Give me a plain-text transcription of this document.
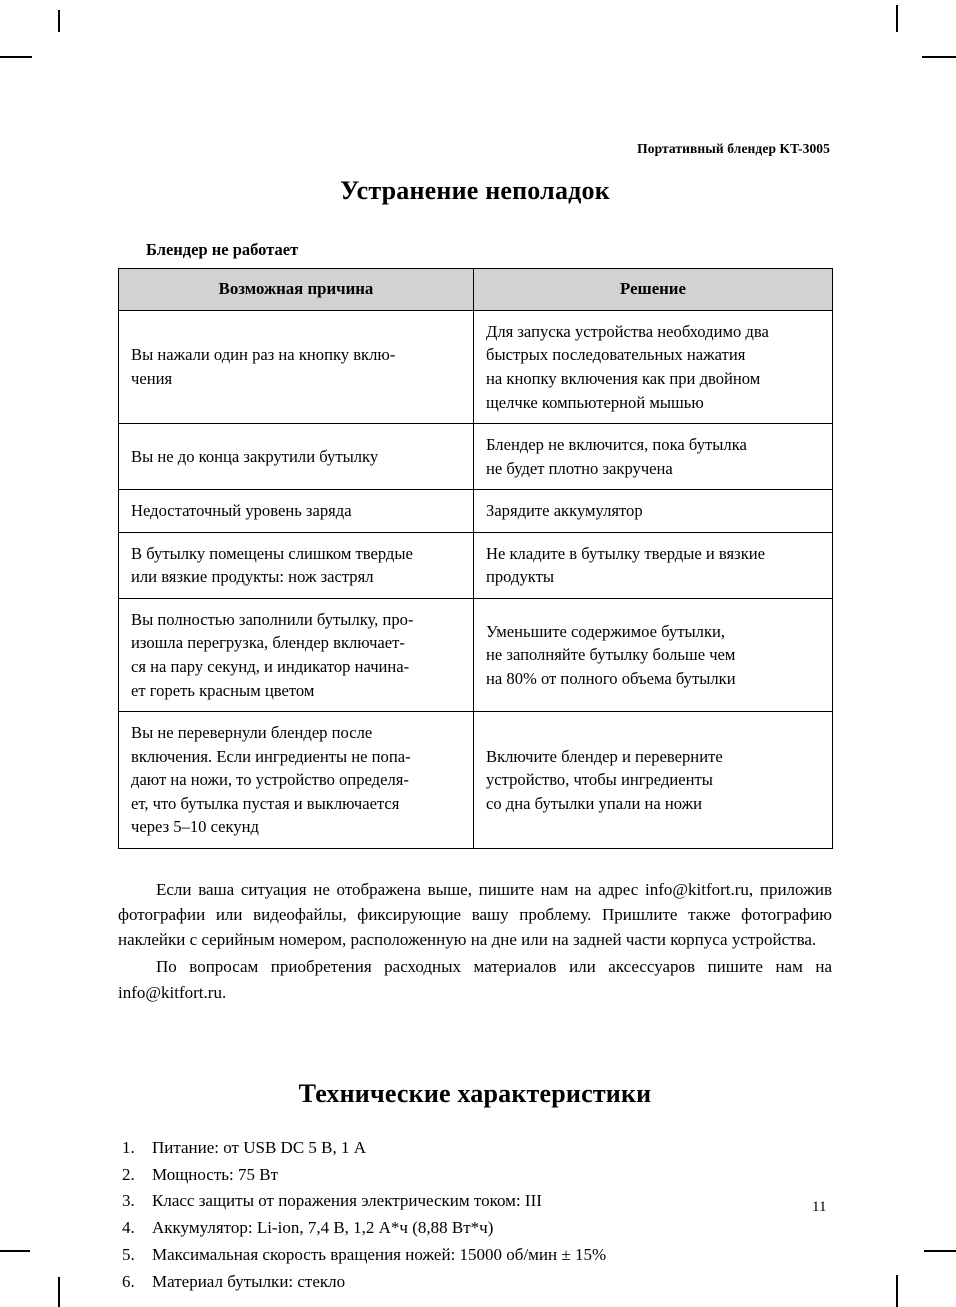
Портативный блендер KT-3005
Устранение неполадок
Блендер не работает
Возможная причина	Решение

Вы нажали один раз на кнопку вклю-
чения	Для запуска устройства необходимо два
быстрых последовательных нажатия
на кнопку включения как при двойном
щелчке компьютерной мышью

Вы не до конца закрутили бутылку	Блендер не включится, пока бутылка
не будет плотно закручена

Недостаточный уровень заряда	Зарядите аккумулятор

В бутылку помещены слишком твердые
или вязкие продукты: нож застрял	Не кладите в бутылку твердые и вязкие
продукты

Вы полностью заполнили бутылку, про-
изошла перегрузка, блендер включает-
ся на пару секунд, и индикатор начина-
ет гореть красным цветом	Уменьшите содержимое бутылки,
не заполняйте бутылку больше чем
на 80% от полного объема бутылки

Вы не перевернули блендер после
включения. Если ингредиенты не попа-
дают на ножи, то устройство определя-
ет, что бутылка пустая и выключается
через 5–10 секунд	Включите блендер и переверните
устройство, чтобы ингредиенты
со дна бутылки упали на ножи

Если ваша ситуация не отображена выше, пишите нам на адрес info@kitfort.ru, приложив фотографии или видеофайлы, фиксирующие вашу проблему. Пришлите также фотографию наклейки с серийным номером, расположенную на дне или на задней части корпуса устройства.

По вопросам приобретения расходных материалов или аксессуаров пишите нам на info@kitfort.ru.

Технические характеристики
1.	Питание: от USB DC 5 В, 1 А
2.	Мощность: 75 Вт
3.	Класс защиты от поражения электрическим током: III
4.	Аккумулятор: Li-ion, 7,4 В, 1,2 А*ч (8,88 Вт*ч)
5.	Максимальная скорость вращения ножей: 15000 об/мин ± 15%
6.	Материал бутылки: стекло
11
